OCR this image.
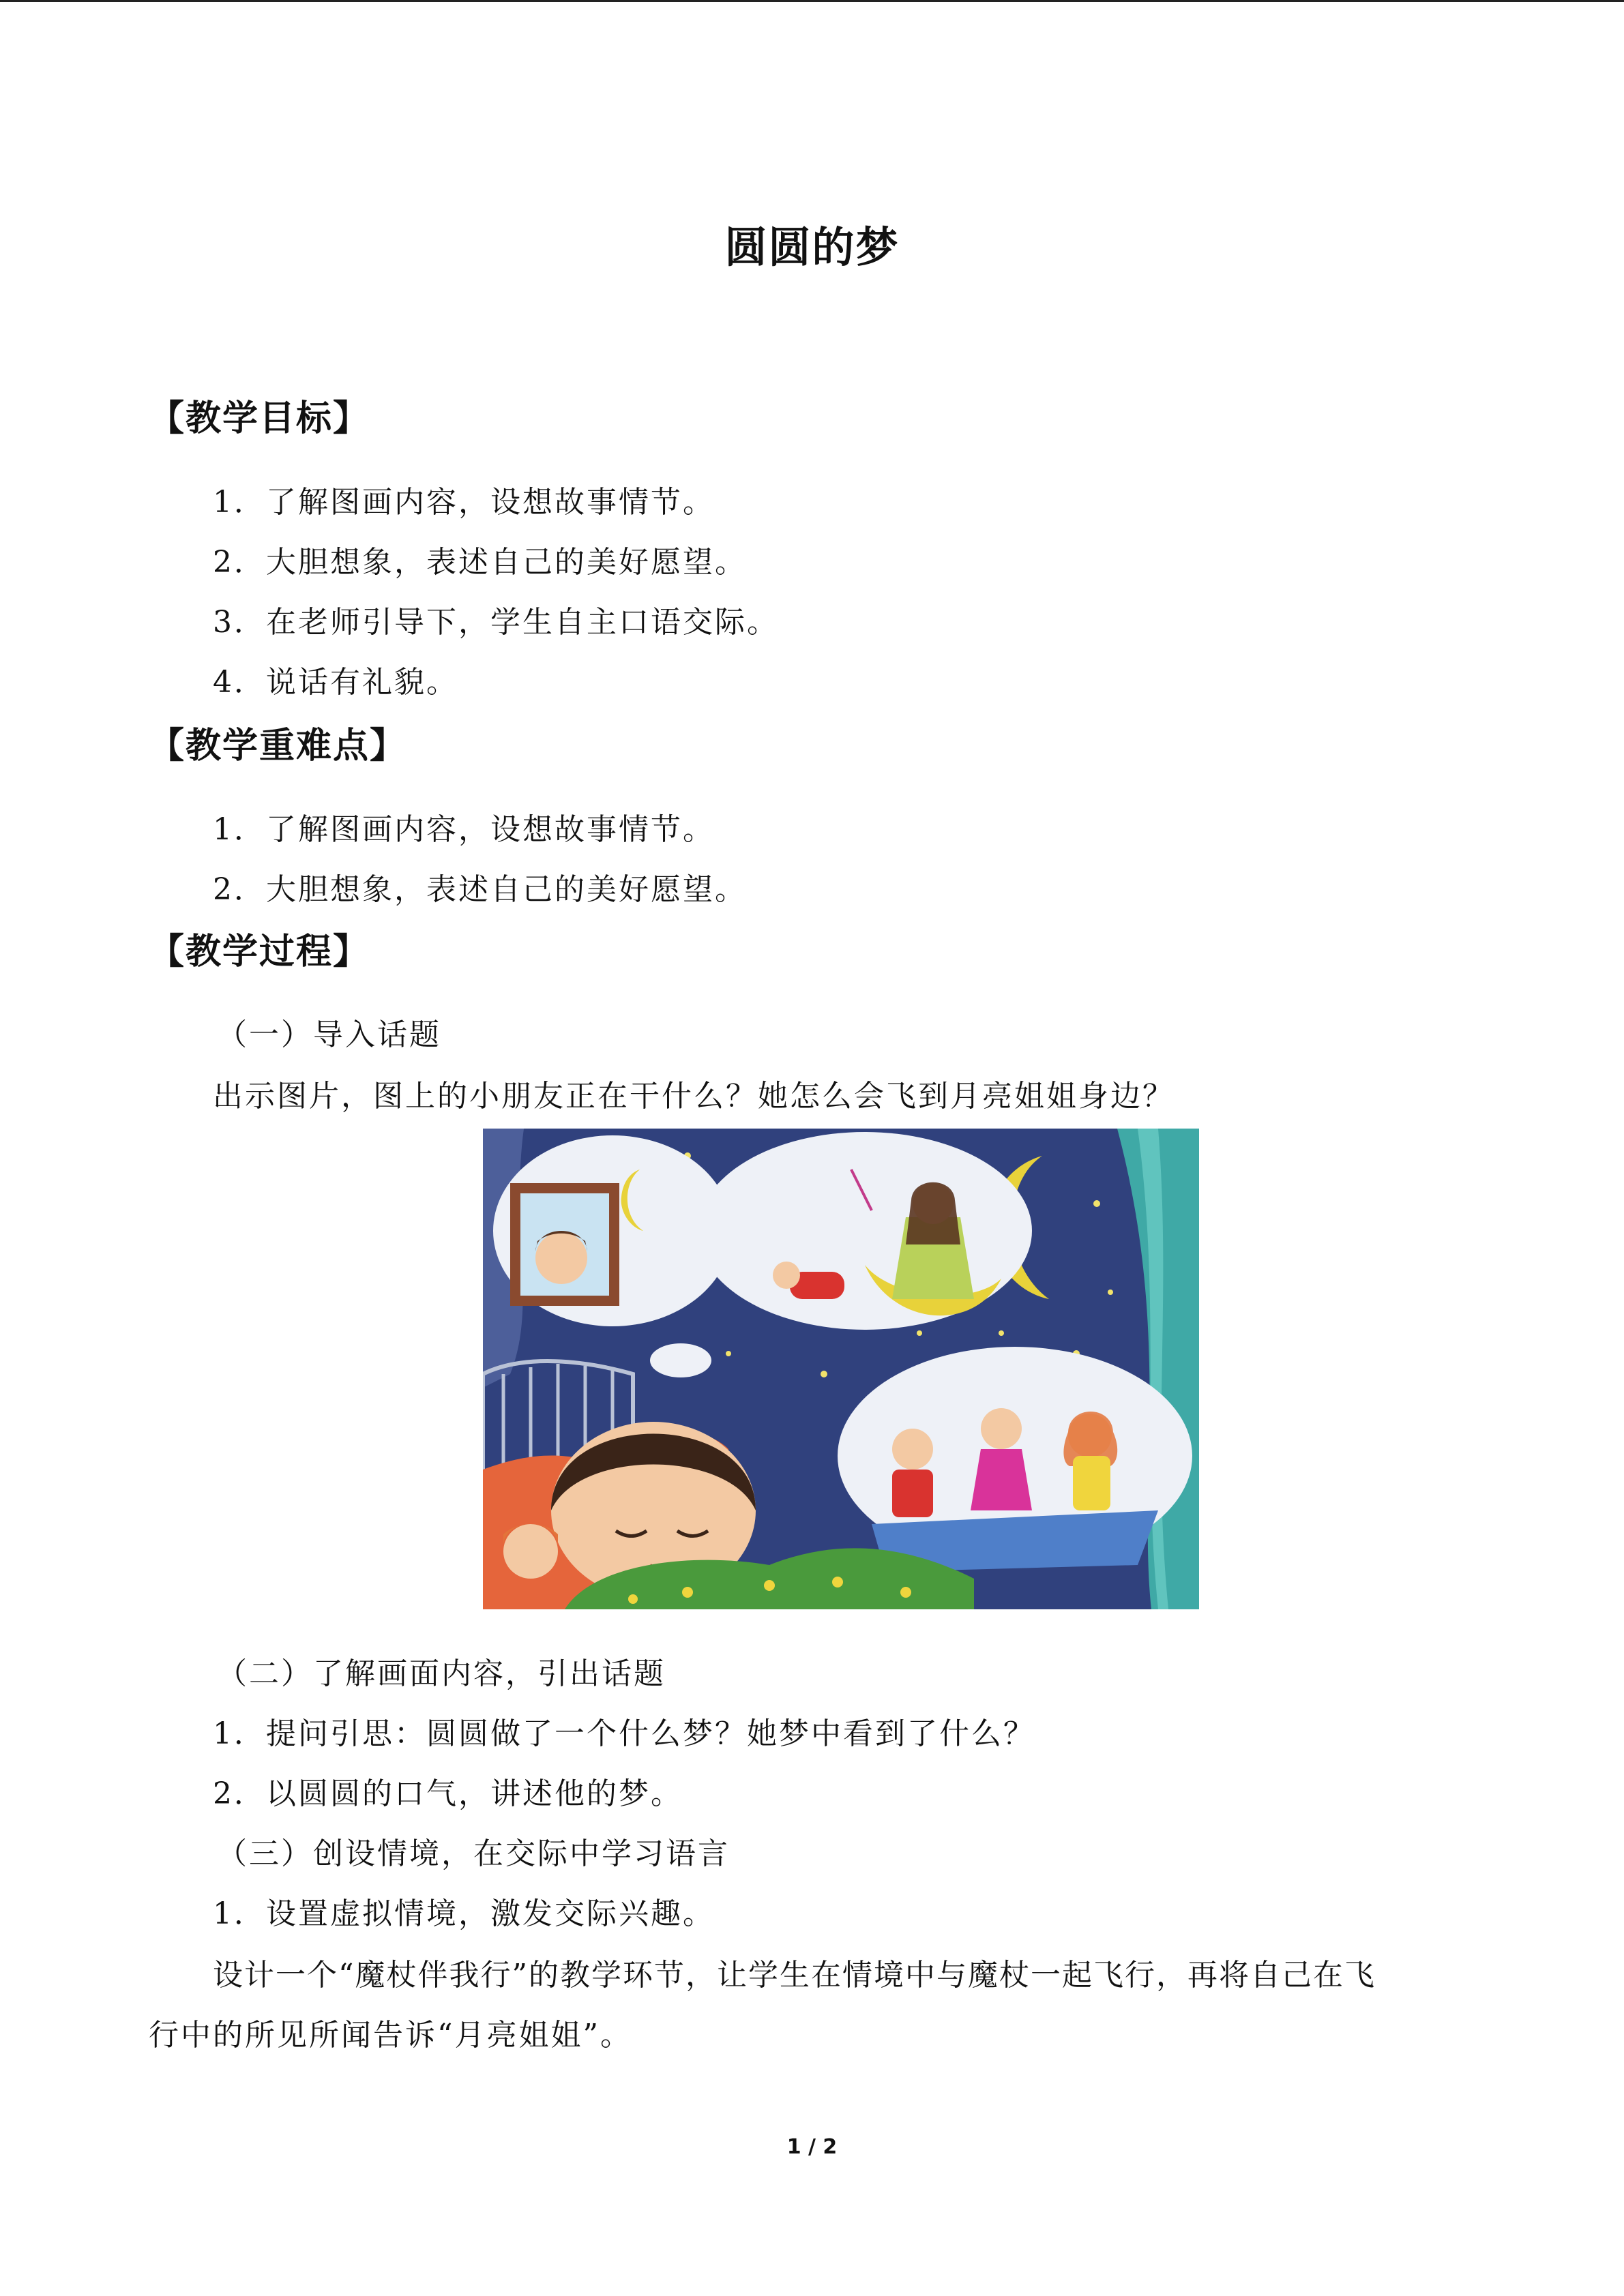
圆圆的梦
【教学目标】
1．了解图画内容，设想故事情节。
2．大胆想象，表述自己的美好愿望。
3．在老师引导下，学生自主口语交际。
4．说话有礼貌。
【教学重难点】
1．了解图画内容，设想故事情节。
2．大胆想象，表述自己的美好愿望。
【教学过程】
（一）导入话题
出示图片，图上的小朋友正在干什么？她怎么会飞到月亮姐姐身边？
（二）了解画面内容，引出话题
1．提问引思：圆圆做了一个什么梦？她梦中看到了什么？
2．以圆圆的口气，讲述他的梦。
（三）创设情境，在交际中学习语言
1．设置虚拟情境，激发交际兴趣。
设计一个“魔杖伴我行”的教学环节，让学生在情境中与魔杖一起飞行，再将自己在飞
行中的所见所闻告诉“月亮姐姐”。
1 / 2
